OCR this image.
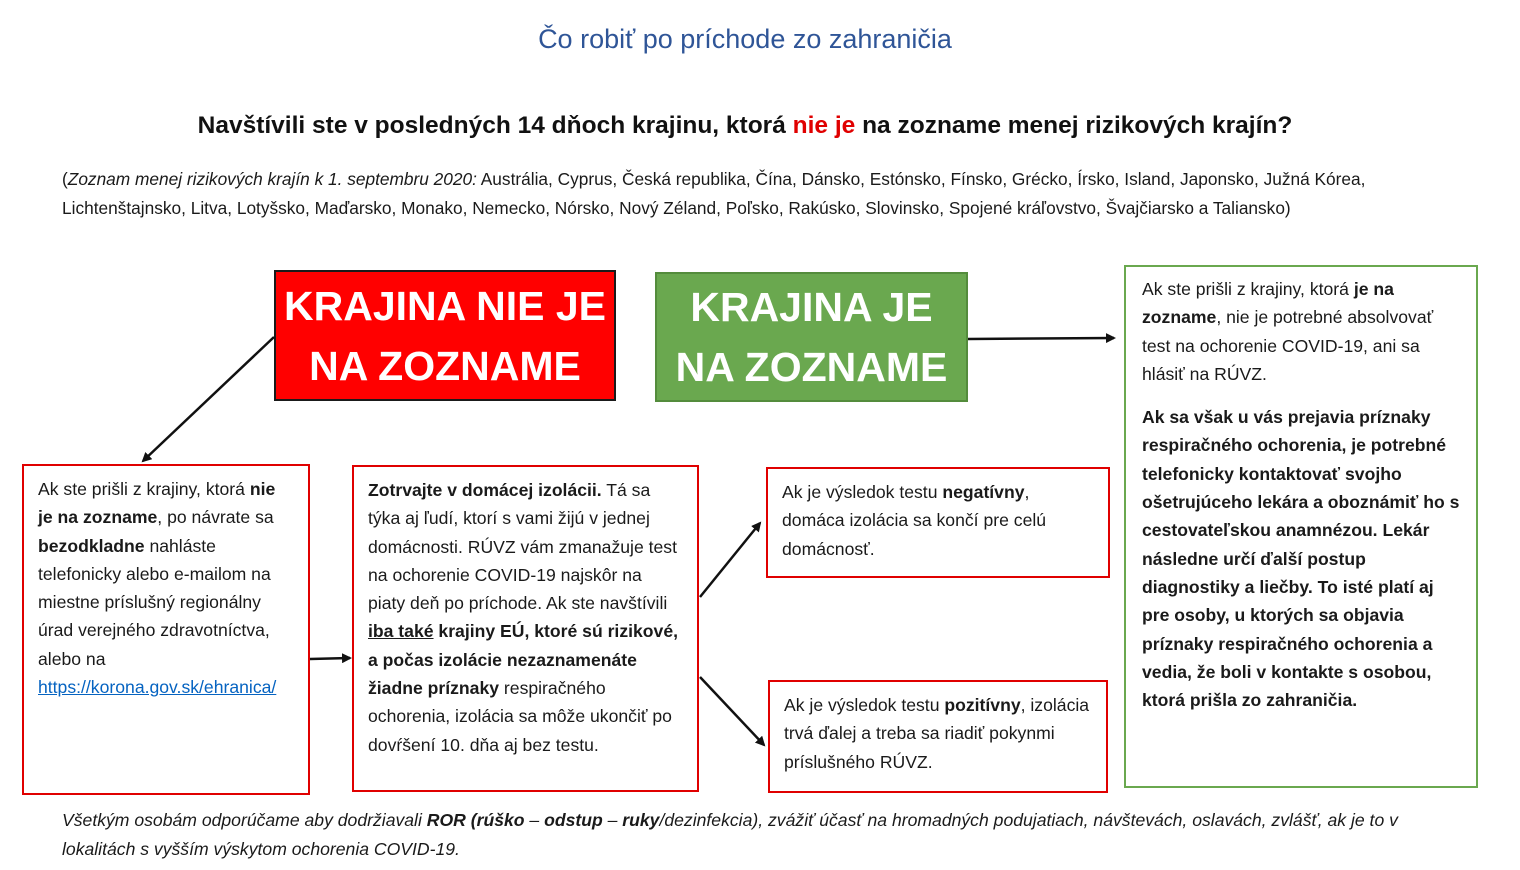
Čo robiť po príchode zo zahraničia
Navštívili ste v posledných 14 dňoch krajinu, ktorá nie je na zozname menej rizikových krajín?
(Zoznam menej rizikových krajín k 1. septembru 2020: Austrália, Cyprus, Česká republika, Čína, Dánsko, Estónsko, Fínsko, Grécko, Írsko, Island, Japonsko, Južná Kórea, Lichtenštajnsko, Litva, Lotyšsko, Maďarsko, Monako, Nemecko, Nórsko, Nový Zéland, Poľsko, Rakúsko, Slovinsko, Spojené kráľovstvo, Švajčiarsko a Taliansko)
KRAJINA NIE JE NA ZOZNAME
KRAJINA JE NA ZOZNAME
Ak ste prišli z krajiny, ktorá nie je na zozname, po návrate sa bezodkladne nahláste telefonicky alebo e-mailom na miestne príslušný regionálny úrad verejného zdravotníctva, alebo na https://korona.gov.sk/ehranica/
Zotrvajte v domácej izolácii. Tá sa týka aj ľudí, ktorí s vami žijú v jednej domácnosti. RÚVZ vám zmanažuje test na ochorenie COVID-19 najskôr na piaty deň po príchode. Ak ste navštívili iba také krajiny EÚ, ktoré sú rizikové, a počas izolácie nezaznamenáte žiadne príznaky respiračného ochorenia, izolácia sa môže ukončiť po dovŕšení 10. dňa aj bez testu.
Ak je výsledok testu negatívny, domáca izolácia sa končí pre celú domácnosť.
Ak je výsledok testu pozitívny, izolácia trvá ďalej a treba sa riadiť pokynmi príslušného RÚVZ.

Ak ste prišli z krajiny, ktorá je na zozname, nie je potrebné absolvovať test na ochorenie COVID-19, ani sa hlásiť na RÚVZ.

Ak sa však u vás prejavia príznaky respiračného ochorenia, je potrebné telefonicky kontaktovať svojho ošetrujúceho lekára a oboznámiť ho s cestovateľskou anamnézou. Lekár následne určí ďalší postup diagnostiky a liečby. To isté platí aj pre osoby, u ktorých sa objavia príznaky respiračného ochorenia a vedia, že boli v kontakte s osobou, ktorá prišla zo zahraničia.

Všetkým osobám odporúčame aby dodržiavali ROR (rúško – odstup – ruky/dezinfekcia), zvážiť účasť na hromadných podujatiach, návštevách, oslavách, zvlášť, ak je to v lokalitách s vyšším výskytom ochorenia COVID-19.
